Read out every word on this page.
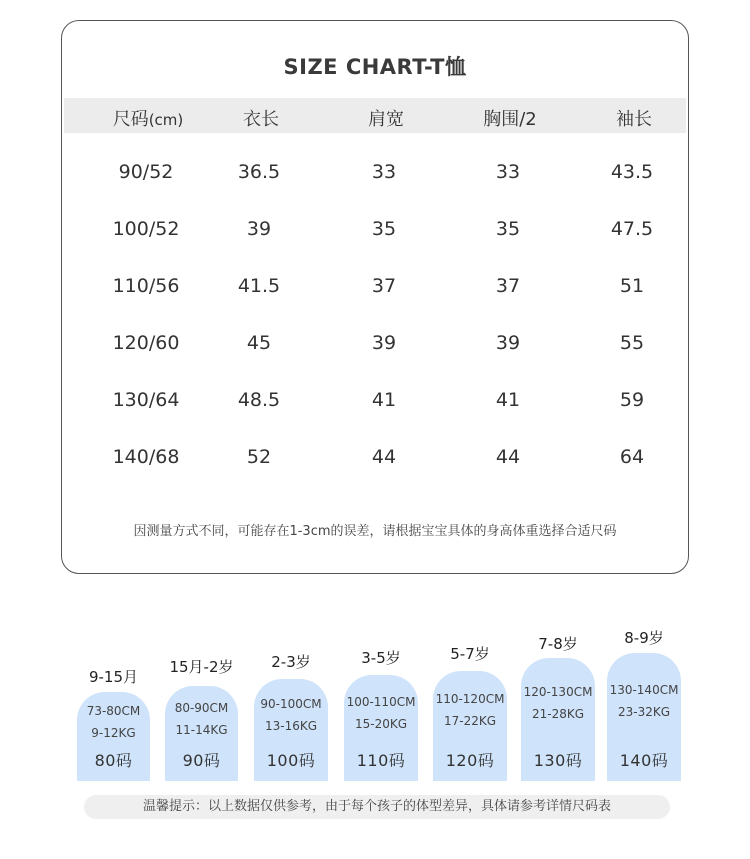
SIZE CHART-T恤
尺码(cm)	衣长	肩宽	胸围/2	袖长
90/52	36.5	33	33	43.5
100/52	39	35	35	47.5
110/56	41.5	37	37	51
120/60	45	39	39	55
130/64	48.5	41	41	59
140/68	52	44	44	64
因测量方式不同，可能存在1-3cm的误差，请根据宝宝具体的身高体重选择合适尺码
9-15月
73-80CM
9-12KG
80码
15月-2岁
80-90CM
11-14KG
90码
2-3岁
90-100CM
13-16KG
100码
3-5岁
100-110CM
15-20KG
110码
5-7岁
110-120CM
17-22KG
120码
7-8岁
120-130CM
21-28KG
130码
8-9岁
130-140CM
23-32KG
140码
温馨提示：以上数据仅供参考，由于每个孩子的体型差异，具体请参考详情尺码表
